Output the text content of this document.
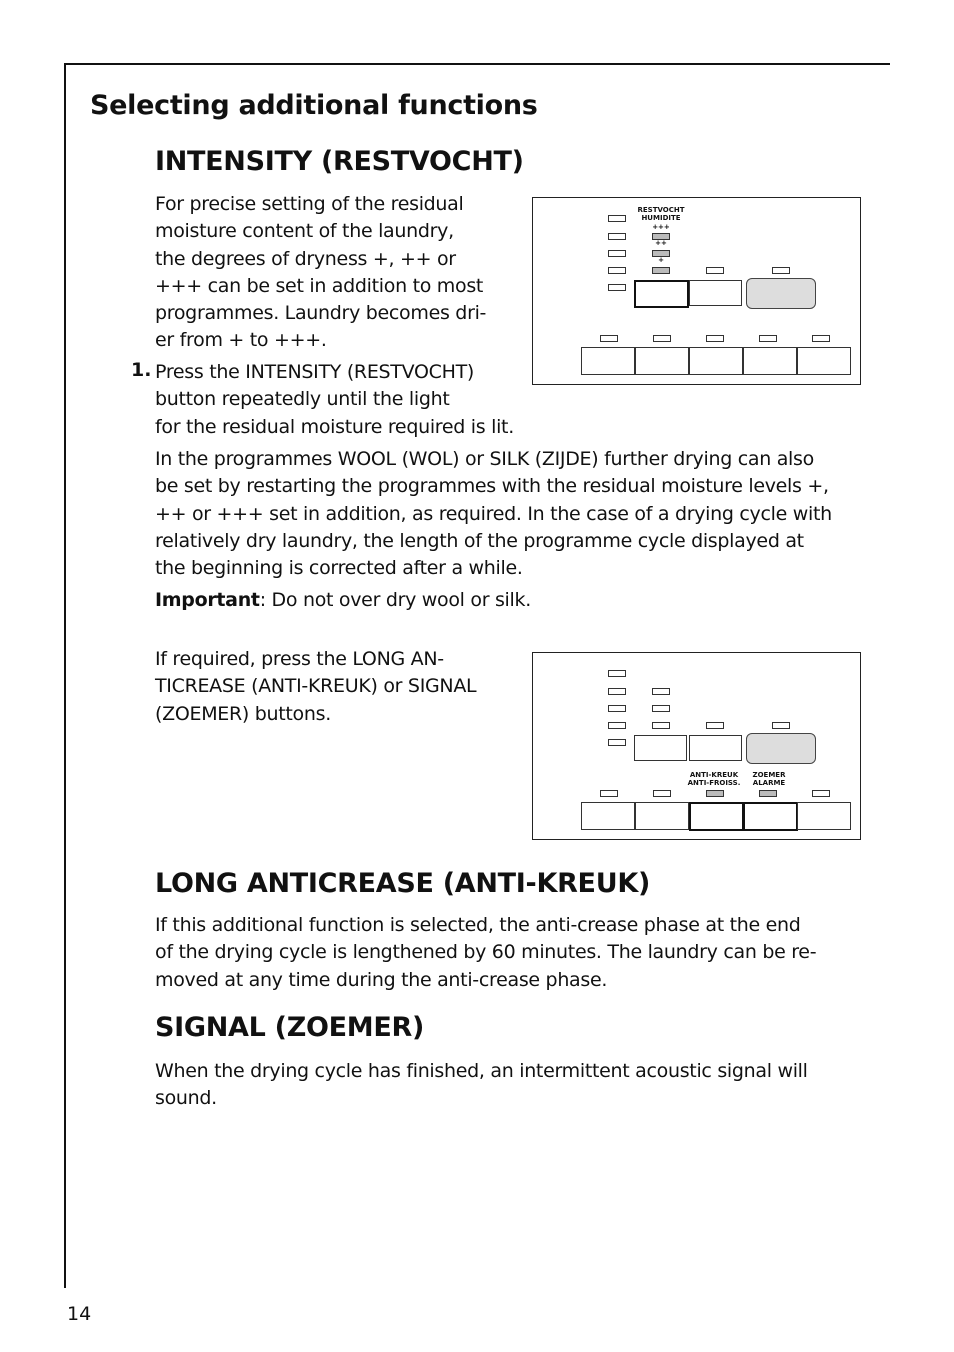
Selecting additional functions
INTENSITY (RESTVOCHT)
For precise setting of the residual
moisture content of the laundry,
the degrees of dryness +, ++ or
+++ can be set in addition to most
programmes. Laundry becomes dri-
er from + to +++.
1. Press the INTENSITY (RESTVOCHT)
button repeatedly until the light
for the residual moisture required is lit.
In the programmes WOOL (WOL) or SILK (ZIJDE) further drying can also
be set by restarting the programmes with the residual moisture levels +,
++ or +++ set in addition, as required. In the case of a drying cycle with
relatively dry laundry, the length of the programme cycle displayed at
the beginning is corrected after a while.
Important: Do not over dry wool or silk.
If required, press the LONG AN-
TICREASE (ANTI-KREUK) or SIGNAL
(ZOEMER) buttons.
RESTVOCHT
HUMIDITE
+++
++
+
ANTI-KREUK
ANTI-FROISS.
ZOEMER
ALARME
LONG ANTICREASE (ANTI-KREUK)
If this additional function is selected, the anti-crease phase at the end
of the drying cycle is lengthened by 60 minutes. The laundry can be re-
moved at any time during the anti-crease phase.
SIGNAL (ZOEMER)
When the drying cycle has finished, an intermittent acoustic signal will
sound.
14
